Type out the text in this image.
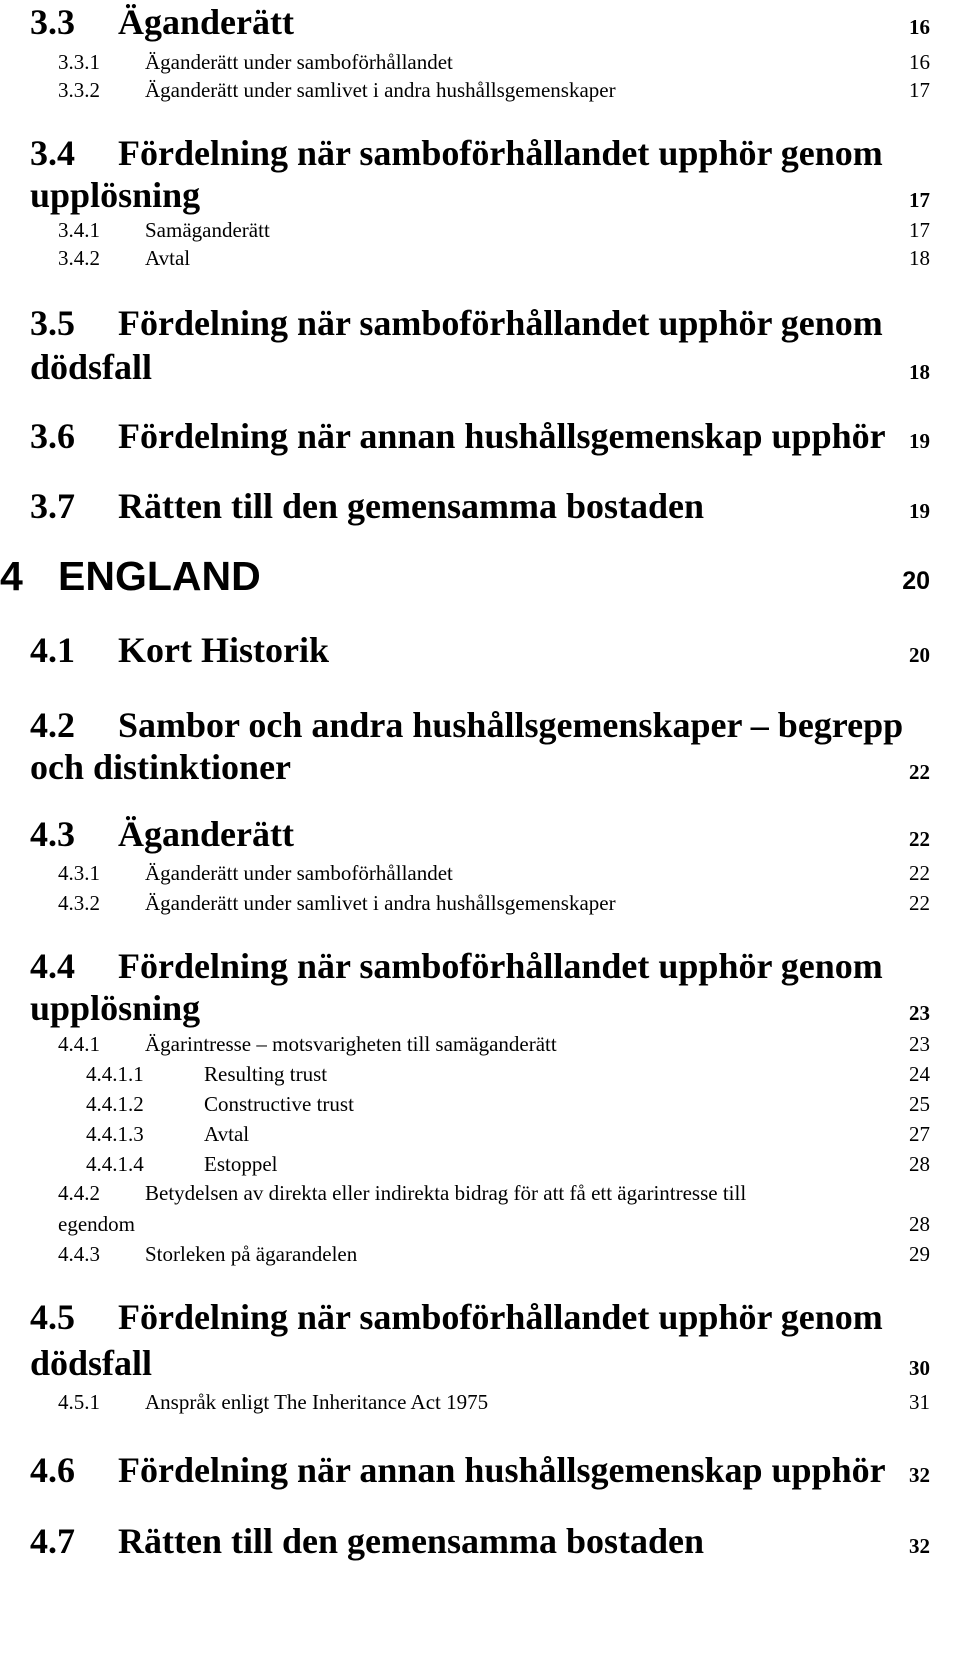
3.3 Äganderätt	16
3.3.1 Äganderätt under samboförhållandet	16
3.3.2 Äganderätt under samlivet i andra hushållsgemenskaper	17
3.4 Fördelning när samboförhållandet upphör genom
upplösning	17
3.4.1 Samäganderätt	17
3.4.2 Avtal	18
3.5 Fördelning när samboförhållandet upphör genom
dödsfall	18
3.6 Fördelning när annan hushållsgemenskap upphör 19
3.7 Rätten till den gemensamma bostaden	19
4 ENGLAND	20
4.1 Kort Historik	20
4.2 Sambor och andra hushållsgemenskaper – begrepp
och distinktioner	22
4.3 Äganderätt	22
4.3.1 Äganderätt under samboförhållandet	22
4.3.2 Äganderätt under samlivet i andra hushållsgemenskaper	22
4.4 Fördelning när samboförhållandet upphör genom
upplösning	23
4.4.1 Ägarintresse – motsvarigheten till samäganderätt	23
4.4.1.1	Resulting trust	24
4.4.1.2	Constructive trust	25
4.4.1.3	Avtal	27
4.4.1.4	Estoppel	28
4.4.2 Betydelsen av direkta eller indirekta bidrag för att få ett ägarintresse till
egendom	28
4.4.3 Storleken på ägarandelen	29
4.5 Fördelning när samboförhållandet upphör genom
dödsfall	30
4.5.1 Anspråk enligt The Inheritance Act 1975	31
4.6 Fördelning när annan hushållsgemenskap upphör 32
4.7 Rätten till den gemensamma bostaden	32
